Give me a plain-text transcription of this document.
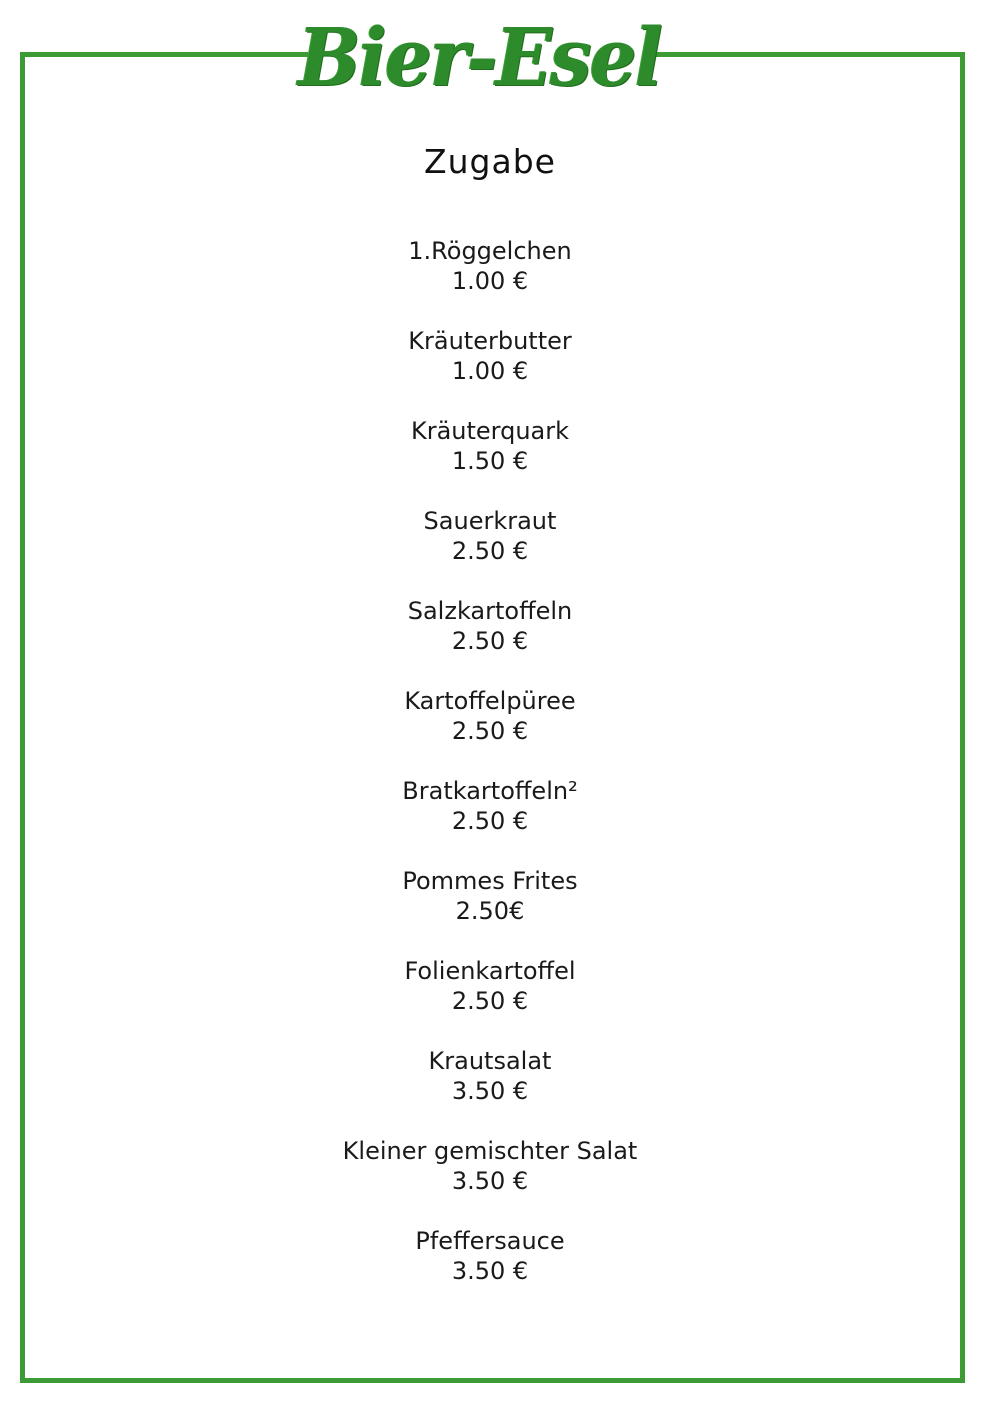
Bier-Esel
Zugabe
1.Röggelchen
1.00 €
Kräuterbutter
1.00 €
Kräuterquark
1.50 €
Sauerkraut
2.50 €
Salzkartoffeln
2.50 €
Kartoffelpüree
2.50 €
Bratkartoffeln²
2.50 €
Pommes Frites
2.50€
Folienkartoffel
2.50 €
Krautsalat
3.50 €
Kleiner gemischter Salat
3.50 €
Pfeffersauce
3.50 €
